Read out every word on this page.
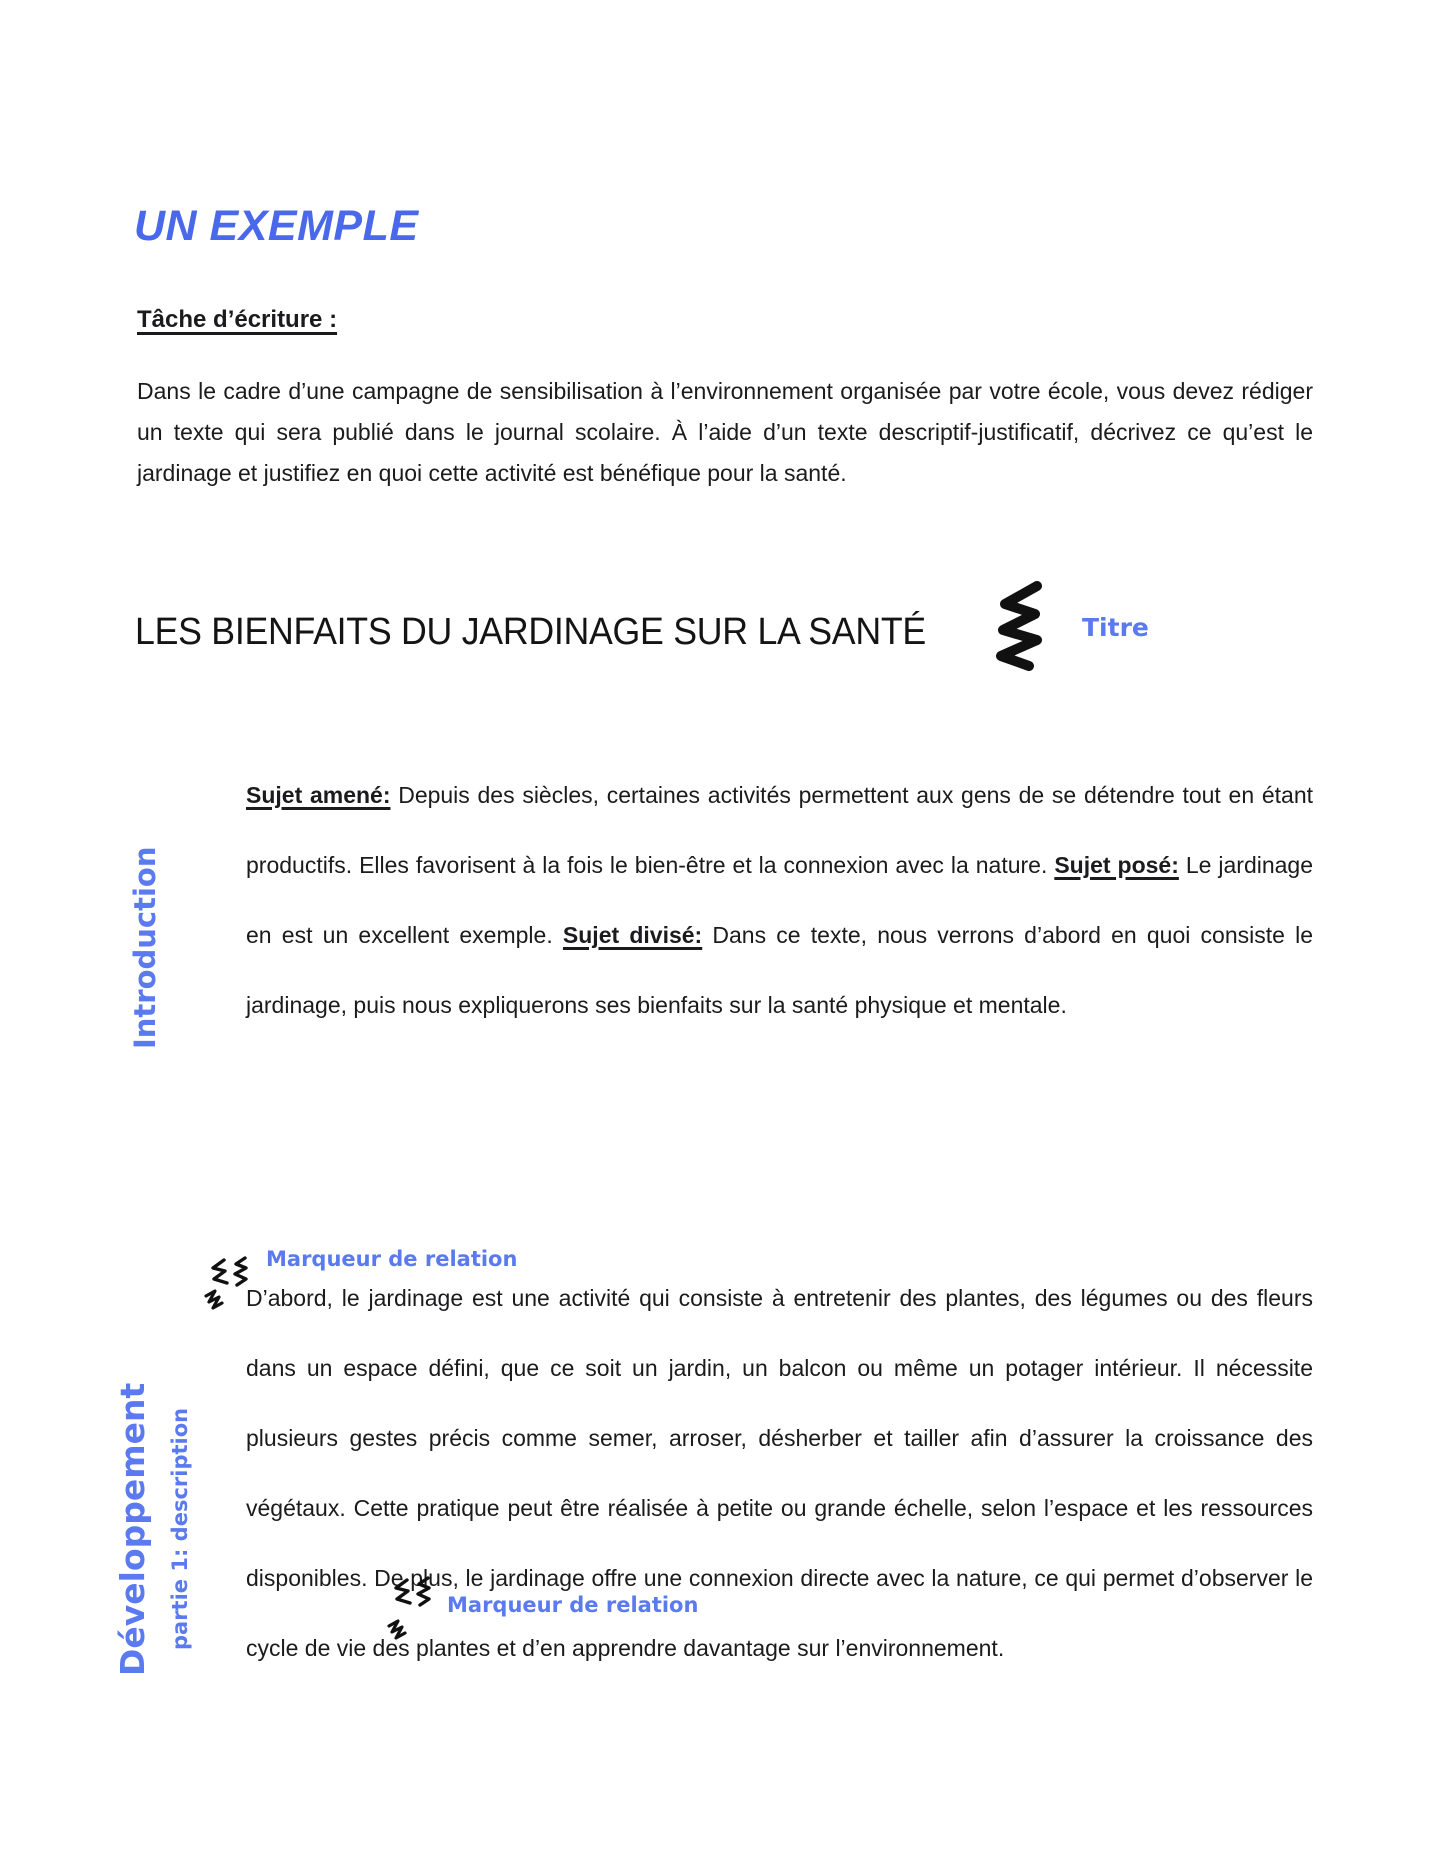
UN EXEMPLE
Tâche d’écriture :
Dans le cadre d’une campagne de sensibilisation à l’environnement organisée par votre école, vous devez rédiger un texte qui sera publié dans le journal scolaire. À l’aide d’un texte descriptif-justificatif, décrivez ce qu’est le jardinage et justifiez en quoi cette activité est bénéfique pour la santé.
LES BIENFAITS DU JARDINAGE SUR LA SANTÉ	Titre
Introduction
Sujet amené: Depuis des siècles, certaines activités permettent aux gens de se détendre tout en étant productifs. Elles favorisent à la fois le bien-être et la connexion avec la nature. Sujet posé: Le jardinage en est un excellent exemple. Sujet divisé: Dans ce texte, nous verrons d’abord en quoi consiste le jardinage, puis nous expliquerons ses bienfaits sur la santé physique et mentale.
Marqueur de relation
Développement partie 1: description
D’abord, le jardinage est une activité qui consiste à entretenir des plantes, des légumes ou des fleurs dans un espace défini, que ce soit un jardin, un balcon ou même un potager intérieur. Il nécessite plusieurs gestes précis comme semer, arroser, désherber et tailler afin d’assurer la croissance des végétaux. Cette pratique peut être réalisée à petite ou grande échelle, selon l’espace et les ressources disponibles. De plus, le jardinage offre une connexion directe avec la nature, ce qui permet d’observer le cycle de vie des plantes et d’en apprendre davantage sur l’environnement.
Marqueur de relation
